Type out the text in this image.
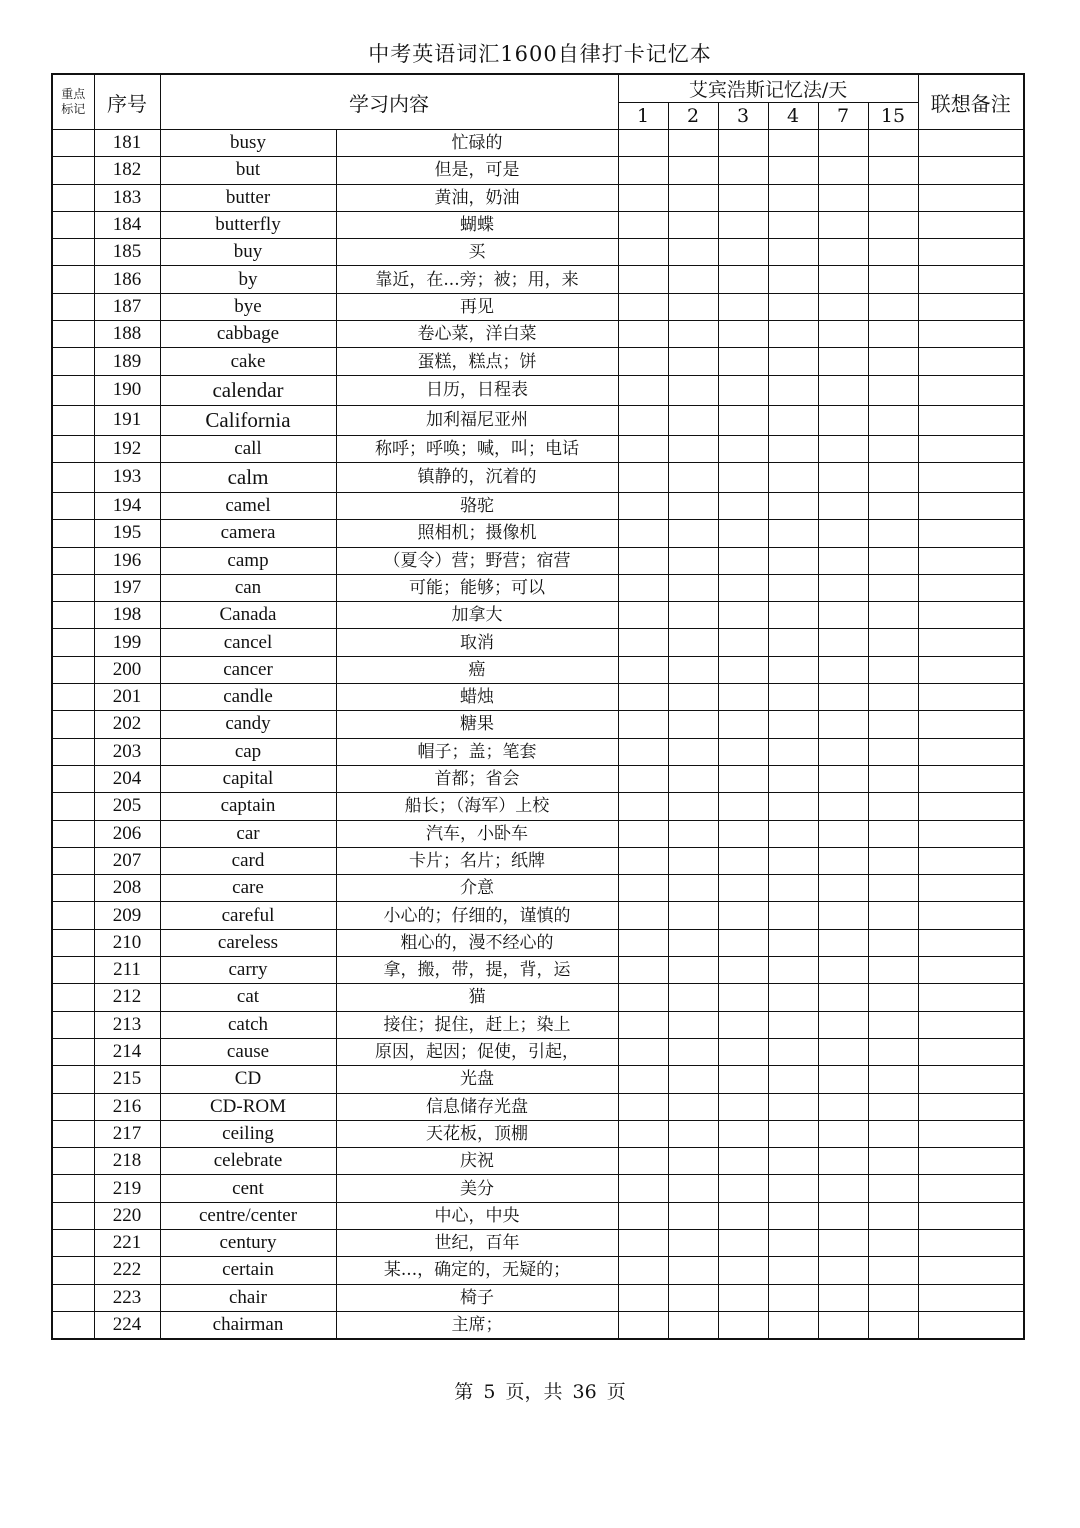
中考英语词汇1600自律打卡记忆本
重点
标记	序号	学习内容		艾宾浩斯记忆法/天						联想备注
				1	2	3	4	7	15	
	181	busy	忙碌的							
	182	but	但是，可是							
	183	butter	黄油，奶油							
	184	butterfly	蝴蝶							
	185	buy	买							
	186	by	靠近，在...旁；被；用，来							
	187	bye	再见							
	188	cabbage	卷心菜，洋白菜							
	189	cake	蛋糕，糕点；饼							
	190	calendar	日历，日程表							
	191	California	加利福尼亚州							
	192	call	称呼；呼唤；喊，叫；电话							
	193	calm	镇静的，沉着的							
	194	camel	骆驼							
	195	camera	照相机；摄像机							
	196	camp	（夏令）营；野营；宿营							
	197	can	可能；能够；可以							
	198	Canada	加拿大							
	199	cancel	取消							
	200	cancer	癌							
	201	candle	蜡烛							
	202	candy	糖果							
	203	cap	帽子；盖；笔套							
	204	capital	首都；省会							
	205	captain	船长；（海军）上校							
	206	car	汽车，小卧车							
	207	card	卡片；名片；纸牌							
	208	care	介意							
	209	careful	小心的；仔细的，谨慎的							
	210	careless	粗心的，漫不经心的							
	211	carry	拿，搬，带，提，背，运							
	212	cat	猫							
	213	catch	接住；捉住，赶上；染上							
	214	cause	原因，起因；促使，引起，							
	215	CD	光盘							
	216	CD-ROM	信息储存光盘							
	217	ceiling	天花板，顶棚							
	218	celebrate	庆祝							
	219	cent	美分							
	220	centre/center	中心，中央							
	221	century	世纪，百年							
	222	certain	某...，确定的，无疑的；							
	223	chair	椅子							
	224	chairman	主席；							
第 5 页，共 36 页
